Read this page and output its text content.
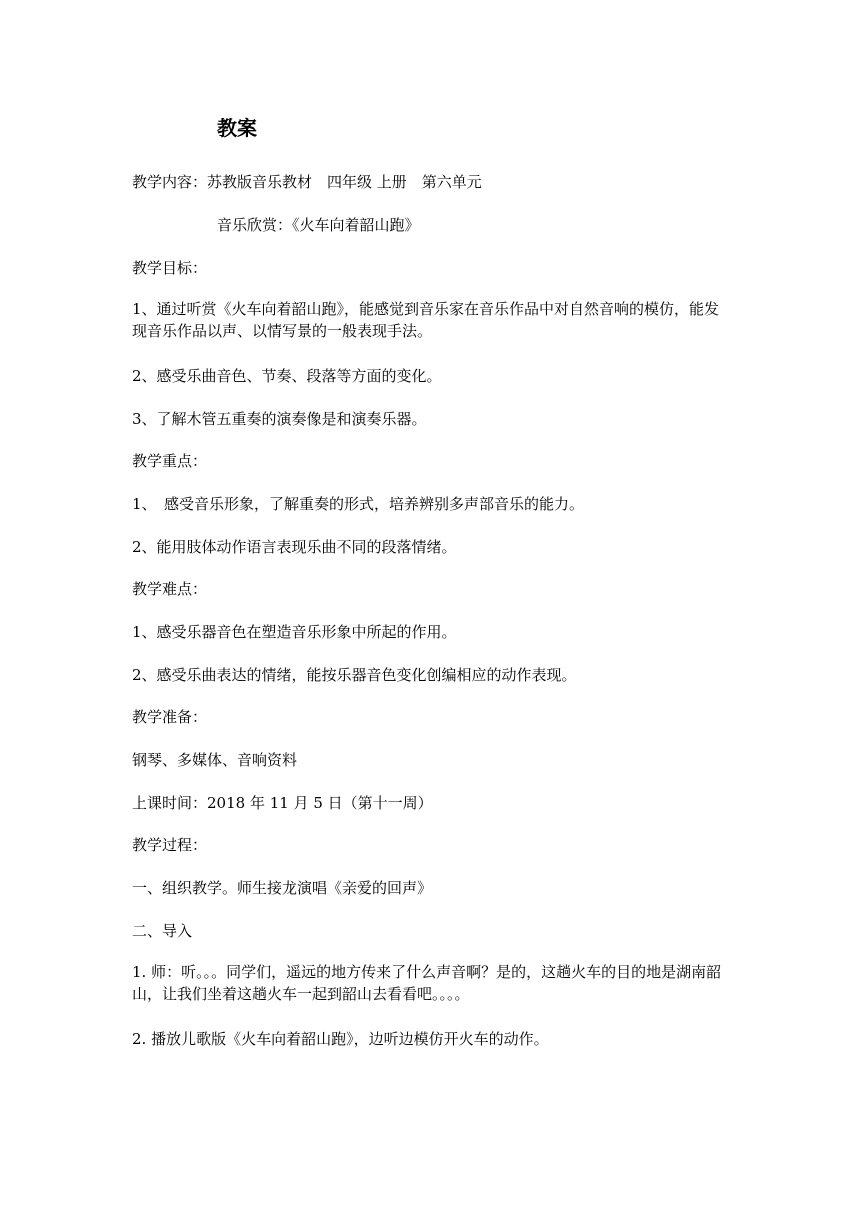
教案
教学内容：苏教版音乐教材　四年级 上册　第六单元
音乐欣赏：《火车向着韶山跑》
教学目标：
1、通过听赏《火车向着韶山跑》，能感觉到音乐家在音乐作品中对自然音响的模仿，能发现音乐作品以声、以情写景的一般表现手法。
2、感受乐曲音色、节奏、段落等方面的变化。
3、了解木管五重奏的演奏像是和演奏乐器。
教学重点：
1、　感受音乐形象，了解重奏的形式，培养辨别多声部音乐的能力。
2、能用肢体动作语言表现乐曲不同的段落情绪。
教学难点：
1、感受乐器音色在塑造音乐形象中所起的作用。
2、感受乐曲表达的情绪，能按乐器音色变化创编相应的动作表现。
教学准备：
钢琴、多媒体、音响资料
上课时间：2018 年 11 月 5 日（第十一周）
教学过程：
一、组织教学。师生接龙演唱《亲爱的回声》
二、导入
1. 师：听。。。同学们，遥远的地方传来了什么声音啊？是的，这趟火车的目的地是湖南韶山，让我们坐着这趟火车一起到韶山去看看吧。。。。
2. 播放儿歌版《火车向着韶山跑》，边听边模仿开火车的动作。
